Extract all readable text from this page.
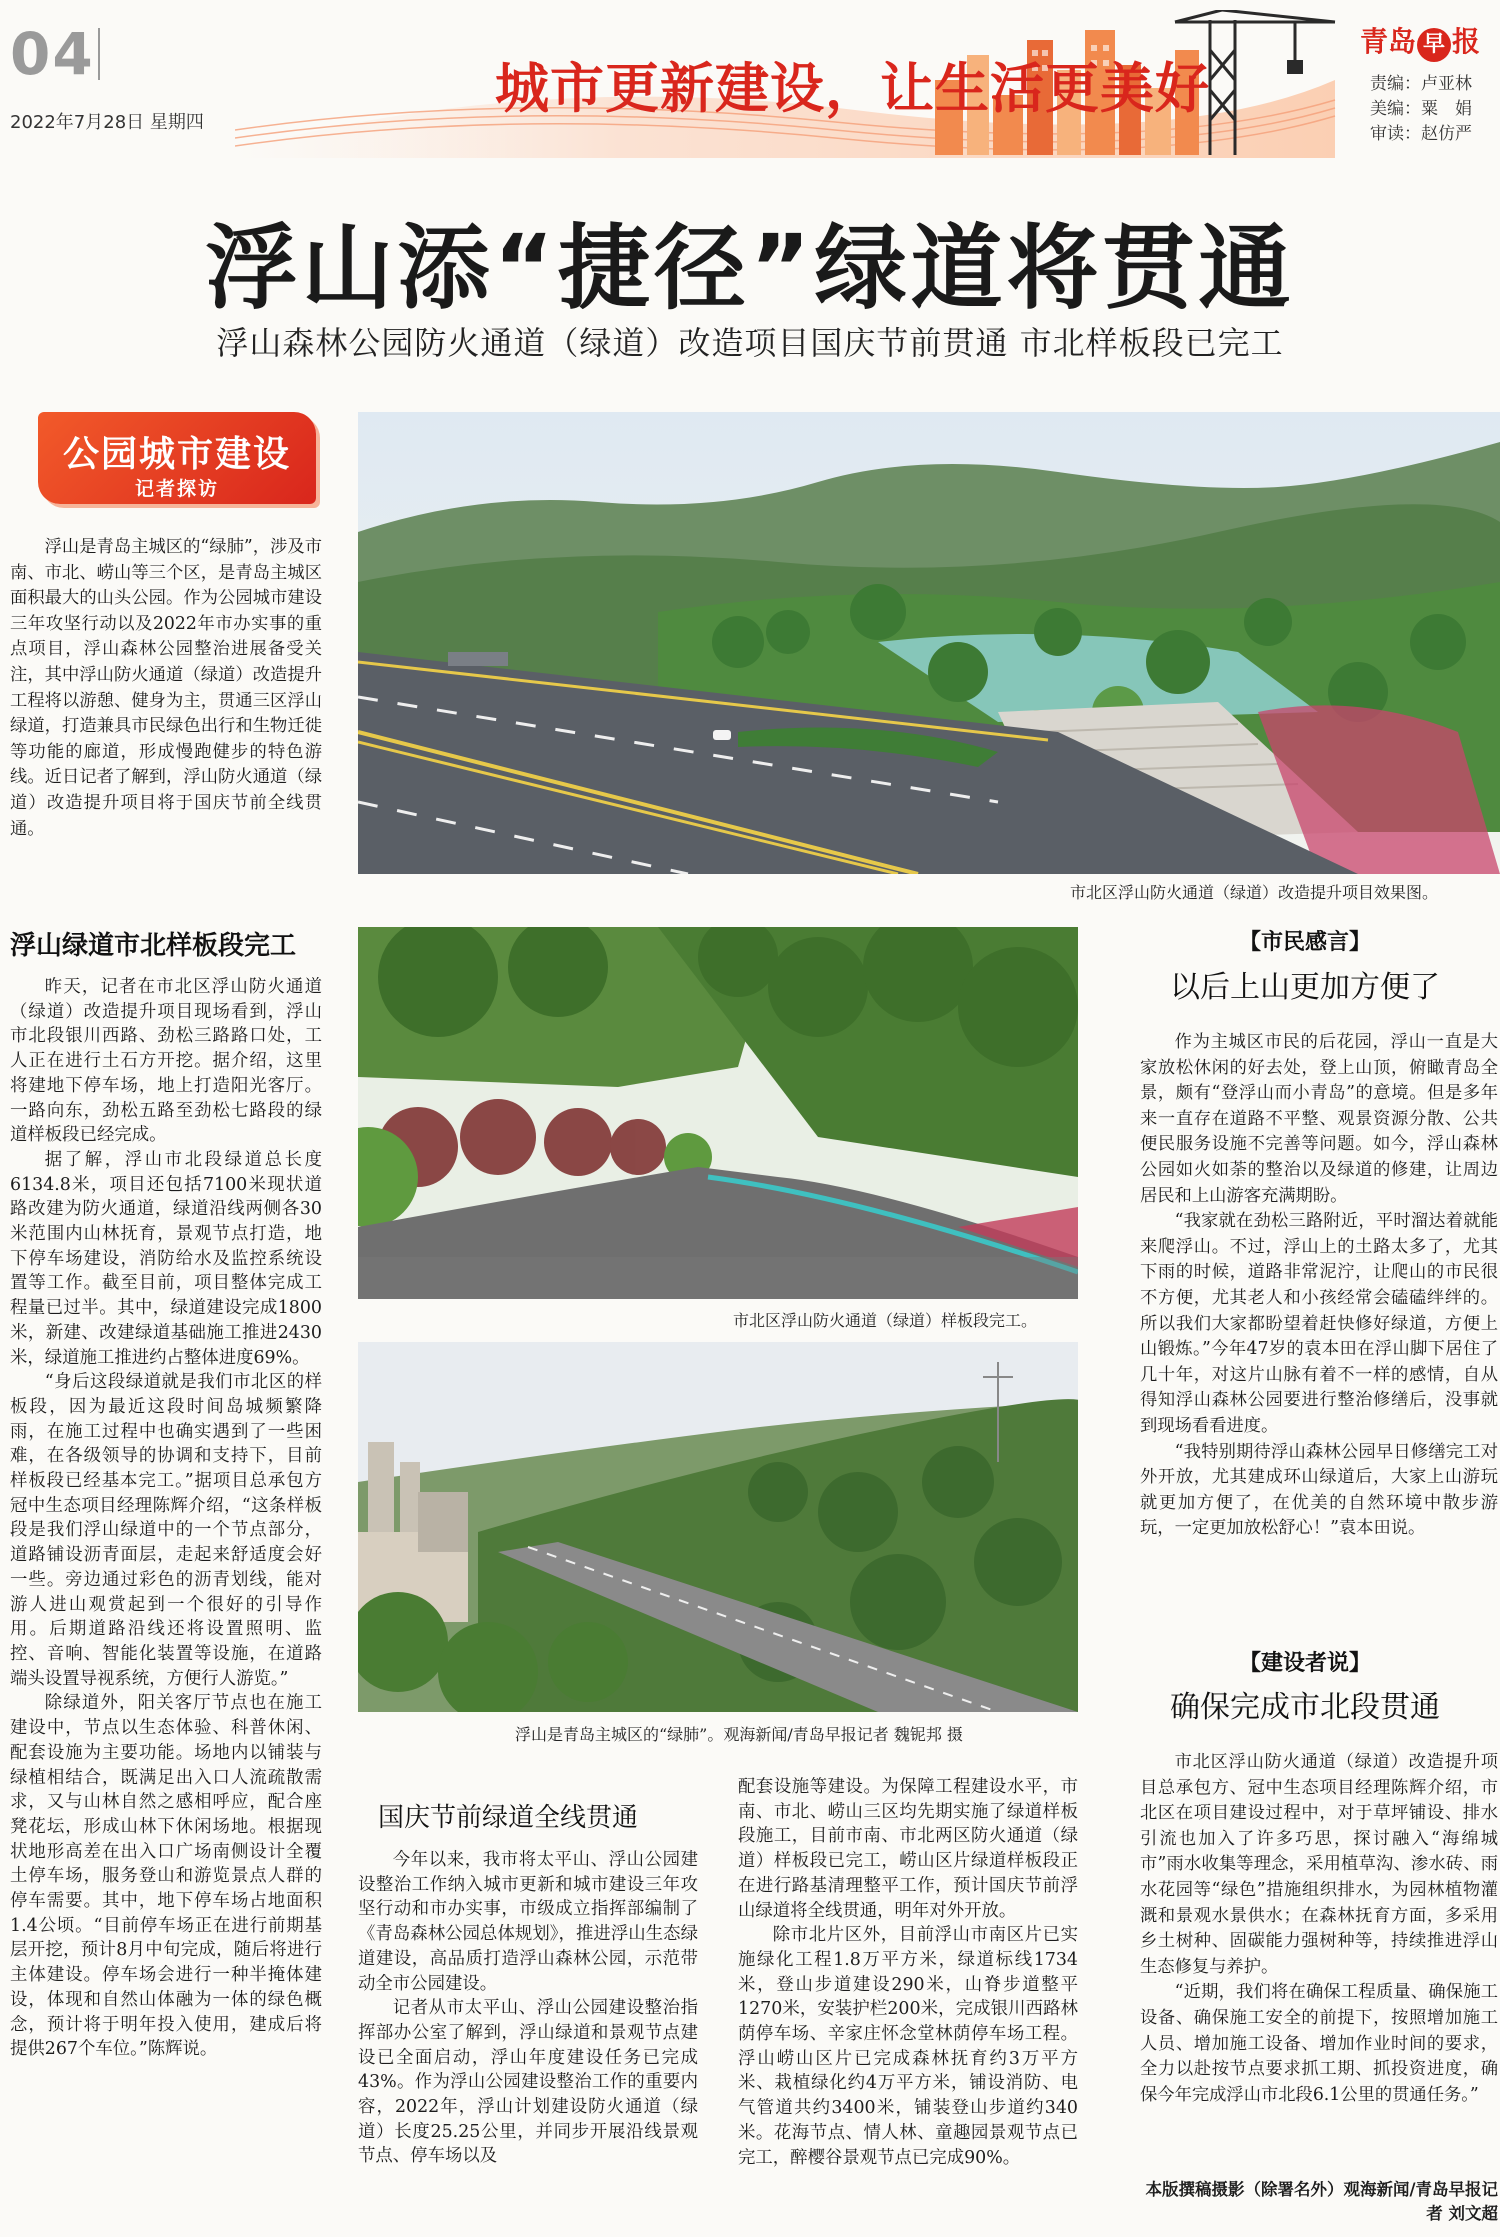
04
2022年7月28日 星期四
城市更新建设，让生活更美好
青岛 早 报
责编：卢亚林
美编：粟　娟
审读：赵仿严
浮山添“捷径”绿道将贯通
浮山森林公园防火通道（绿道）改造项目国庆节前贯通 市北样板段已完工
公园城市建设
记者探访

浮山是青岛主城区的“绿肺”，涉及市南、市北、崂山等三个区，是青岛主城区面积最大的山头公园。作为公园城市建设三年攻坚行动以及2022年市办实事的重点项目，浮山森林公园整治进展备受关注，其中浮山防火通道（绿道）改造提升工程将以游憩、健身为主，贯通三区浮山绿道，打造兼具市民绿色出行和生物迁徙等功能的廊道，形成慢跑健步的特色游线。近日记者了解到，浮山防火通道（绿道）改造提升项目将于国庆节前全线贯通。

市北区浮山防火通道（绿道）改造提升项目效果图。
浮山绿道市北样板段完工

昨天，记者在市北区浮山防火通道（绿道）改造提升项目现场看到，浮山市北段银川西路、劲松三路路口处，工人正在进行土石方开挖。据介绍，这里将建地下停车场，地上打造阳光客厅。一路向东，劲松五路至劲松七路段的绿道样板段已经完成。

据了解，浮山市北段绿道总长度6134.8米，项目还包括7100米现状道路改建为防火通道，绿道沿线两侧各30米范围内山林抚育，景观节点打造，地下停车场建设，消防给水及监控系统设置等工作。截至目前，项目整体完成工程量已过半。其中，绿道建设完成1800米，新建、改建绿道基础施工推进2430米，绿道施工推进约占整体进度69%。

“身后这段绿道就是我们市北区的样板段，因为最近这段时间岛城频繁降雨，在施工过程中也确实遇到了一些困难，在各级领导的协调和支持下，目前样板段已经基本完工。”据项目总承包方冠中生态项目经理陈辉介绍，“这条样板段是我们浮山绿道中的一个节点部分，道路铺设沥青面层，走起来舒适度会好一些。旁边通过彩色的沥青划线，能对游人进山观赏起到一个很好的引导作用。后期道路沿线还将设置照明、监控、音响、智能化装置等设施，在道路端头设置导视系统，方便行人游览。”

除绿道外，阳关客厅节点也在施工建设中，节点以生态体验、科普休闲、配套设施为主要功能。场地内以铺装与绿植相结合，既满足出入口人流疏散需求，又与山林自然之感相呼应，配合座凳花坛，形成山林下休闲场地。根据现状地形高差在出入口广场南侧设计全覆土停车场，服务登山和游览景点人群的停车需要。其中，地下停车场占地面积1.4公顷。“目前停车场正在进行前期基层开挖，预计8月中旬完成，随后将进行主体建设。停车场会进行一种半掩体建设，体现和自然山体融为一体的绿色概念，预计将于明年投入使用，建成后将提供267个车位。”陈辉说。

市北区浮山防火通道（绿道）样板段完工。
浮山是青岛主城区的“绿肺”。观海新闻/青岛早报记者 魏铌邦 摄
国庆节前绿道全线贯通

今年以来，我市将太平山、浮山公园建设整治工作纳入城市更新和城市建设三年攻坚行动和市办实事，市级成立指挥部编制了《青岛森林公园总体规划》，推进浮山生态绿道建设，高品质打造浮山森林公园，示范带动全市公园建设。

记者从市太平山、浮山公园建设整治指挥部办公室了解到，浮山绿道和景观节点建设已全面启动，浮山年度建设任务已完成43%。作为浮山公园建设整治工作的重要内容，2022年，浮山计划建设防火通道（绿道）长度25.25公里，并同步开展沿线景观节点、停车场以及

配套设施等建设。为保障工程建设水平，市南、市北、崂山三区均先期实施了绿道样板段施工，目前市南、市北两区防火通道（绿道）样板段已完工，崂山区片绿道样板段正在进行路基清理整平工作，预计国庆节前浮山绿道将全线贯通，明年对外开放。

除市北片区外，目前浮山市南区片已实施绿化工程1.8万平方米，绿道标线1734米，登山步道建设290米，山脊步道整平1270米，安装护栏200米，完成银川西路林荫停车场、辛家庄怀念堂林荫停车场工程。浮山崂山区片已完成森林抚育约3万平方米、栽植绿化约4万平方米，铺设消防、电气管道共约3400米，铺装登山步道约340米。花海节点、情人林、童趣园景观节点已完工，醉樱谷景观节点已完成90%。

【市民感言】
以后上山更加方便了

作为主城区市民的后花园，浮山一直是大家放松休闲的好去处，登上山顶，俯瞰青岛全景，颇有“登浮山而小青岛”的意境。但是多年来一直存在道路不平整、观景资源分散、公共便民服务设施不完善等问题。如今，浮山森林公园如火如荼的整治以及绿道的修建，让周边居民和上山游客充满期盼。

“我家就在劲松三路附近，平时溜达着就能来爬浮山。不过，浮山上的土路太多了，尤其下雨的时候，道路非常泥泞，让爬山的市民很不方便，尤其老人和小孩经常会磕磕绊绊的。所以我们大家都盼望着赶快修好绿道，方便上山锻炼。”今年47岁的袁本田在浮山脚下居住了几十年，对这片山脉有着不一样的感情，自从得知浮山森林公园要进行整治修缮后，没事就到现场看看进度。

“我特别期待浮山森林公园早日修缮完工对外开放，尤其建成环山绿道后，大家上山游玩就更加方便了，在优美的自然环境中散步游玩，一定更加放松舒心！”袁本田说。

【建设者说】
确保完成市北段贯通

市北区浮山防火通道（绿道）改造提升项目总承包方、冠中生态项目经理陈辉介绍，市北区在项目建设过程中，对于草坪铺设、排水引流也加入了许多巧思，探讨融入“海绵城市”雨水收集等理念，采用植草沟、渗水砖、雨水花园等“绿色”措施组织排水，为园林植物灌溉和景观水景供水；在森林抚育方面，多采用乡土树种、固碳能力强树种等，持续推进浮山生态修复与养护。

“近期，我们将在确保工程质量、确保施工设备、确保施工安全的前提下，按照增加施工人员、增加施工设备、增加作业时间的要求，全力以赴按节点要求抓工期、抓投资进度，确保今年完成浮山市北段6.1公里的贯通任务。”

本版撰稿摄影（除署名外）观海新闻/青岛早报记者 刘文超
